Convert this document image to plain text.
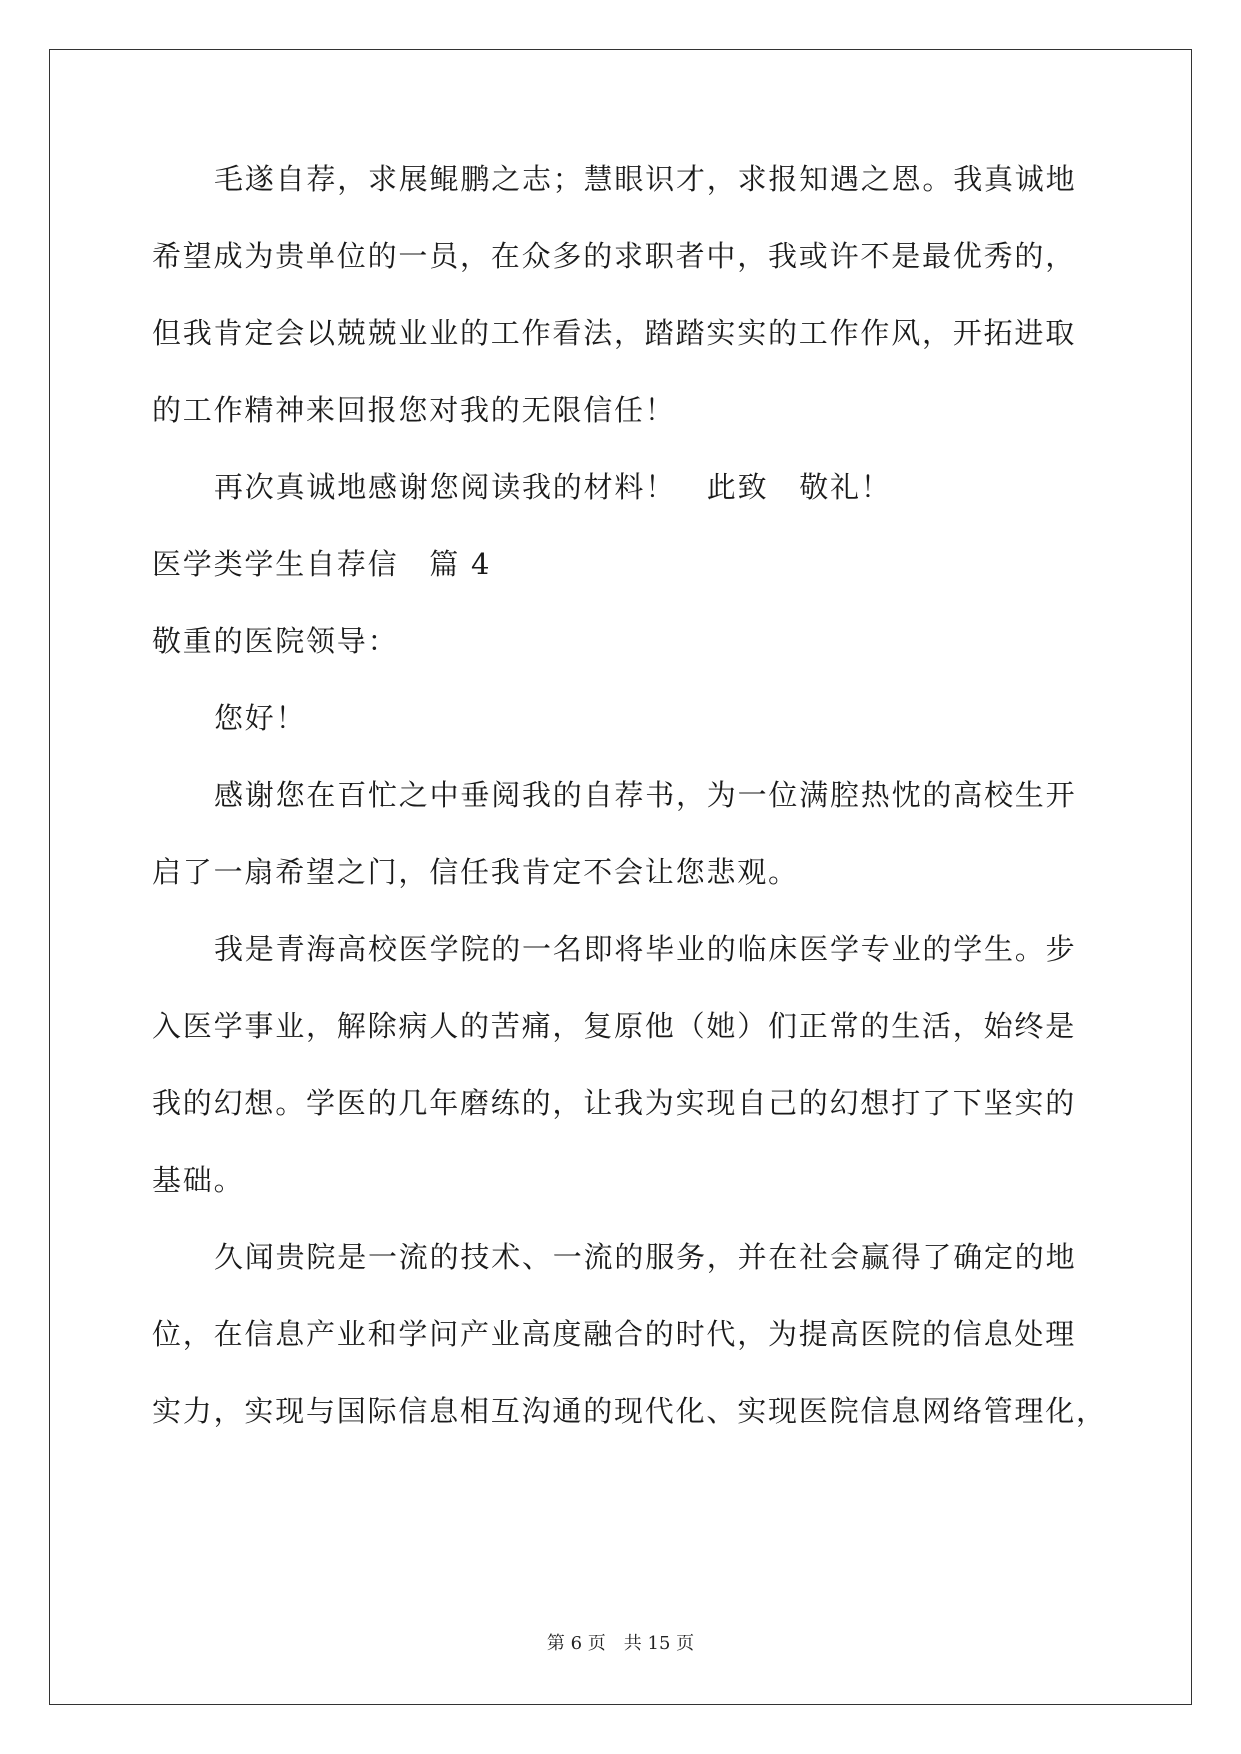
毛遂自荐，求展鲲鹏之志；慧眼识才，求报知遇之恩。我真诚地
希望成为贵单位的一员，在众多的求职者中，我或许不是最优秀的，
但我肯定会以兢兢业业的工作看法，踏踏实实的工作作风，开拓进取
的工作精神来回报您对我的无限信任！
再次真诚地感谢您阅读我的材料！　此致　敬礼！
医学类学生自荐信　篇 4
敬重的医院领导：
您好！
感谢您在百忙之中垂阅我的自荐书，为一位满腔热忱的高校生开
启了一扇希望之门，信任我肯定不会让您悲观。
我是青海高校医学院的一名即将毕业的临床医学专业的学生。步
入医学事业，解除病人的苦痛，复原他（她）们正常的生活，始终是
我的幻想。学医的几年磨练的，让我为实现自己的幻想打了下坚实的
基础。
久闻贵院是一流的技术、一流的服务，并在社会赢得了确定的地
位，在信息产业和学问产业高度融合的时代，为提高医院的信息处理
实力，实现与国际信息相互沟通的现代化、实现医院信息网络管理化，
第 6 页　共 15 页
